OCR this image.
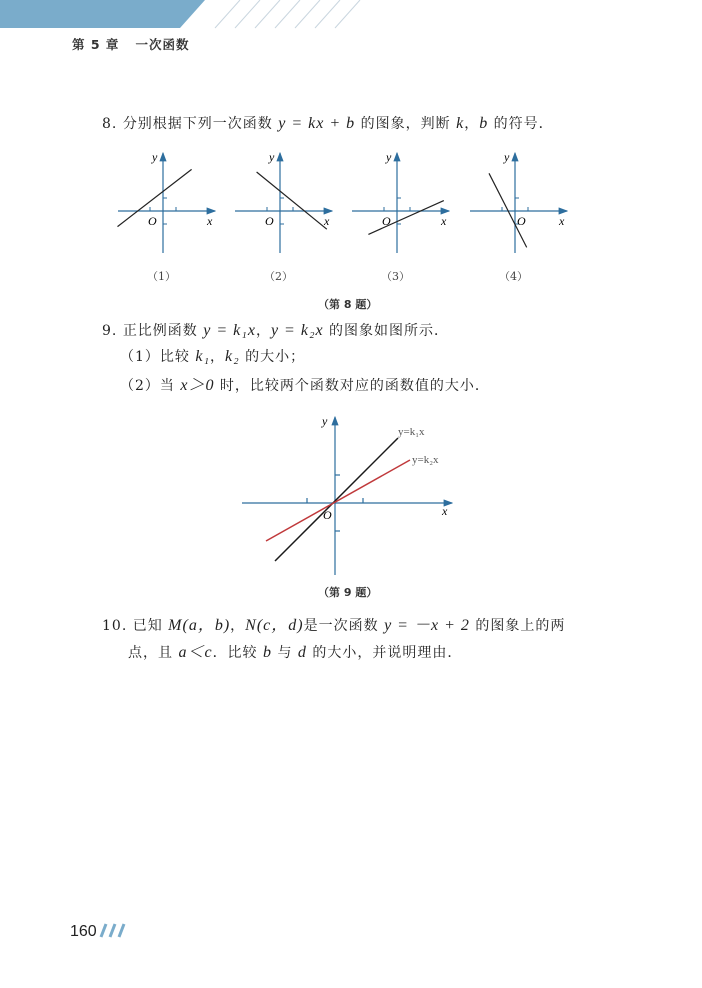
第 5 章 一次函数
8. 分别根据下列一次函数 y = kx + b 的图象，判断 k，b 的符号．
x
y
O	x
y
O	x
y
O	x
y
O
（第 8 题）
9. 正比例函数 y = k₁x，y = k₂x 的图象如图所示．
（1）比较 k₁，k₂ 的大小；
（2）当 x＞0 时，比较两个函数对应的函数值的大小．
y=k₁x
y=k₂x
x
y
O
（第 9 题）
10. 已知 M(a，b)，N(c，d)是一次函数 y = －x + 2 的图象上的两
点，且 a＜c．比较 b 与 d 的大小，并说明理由．
160
（1）	（2）	（3）	（4）
